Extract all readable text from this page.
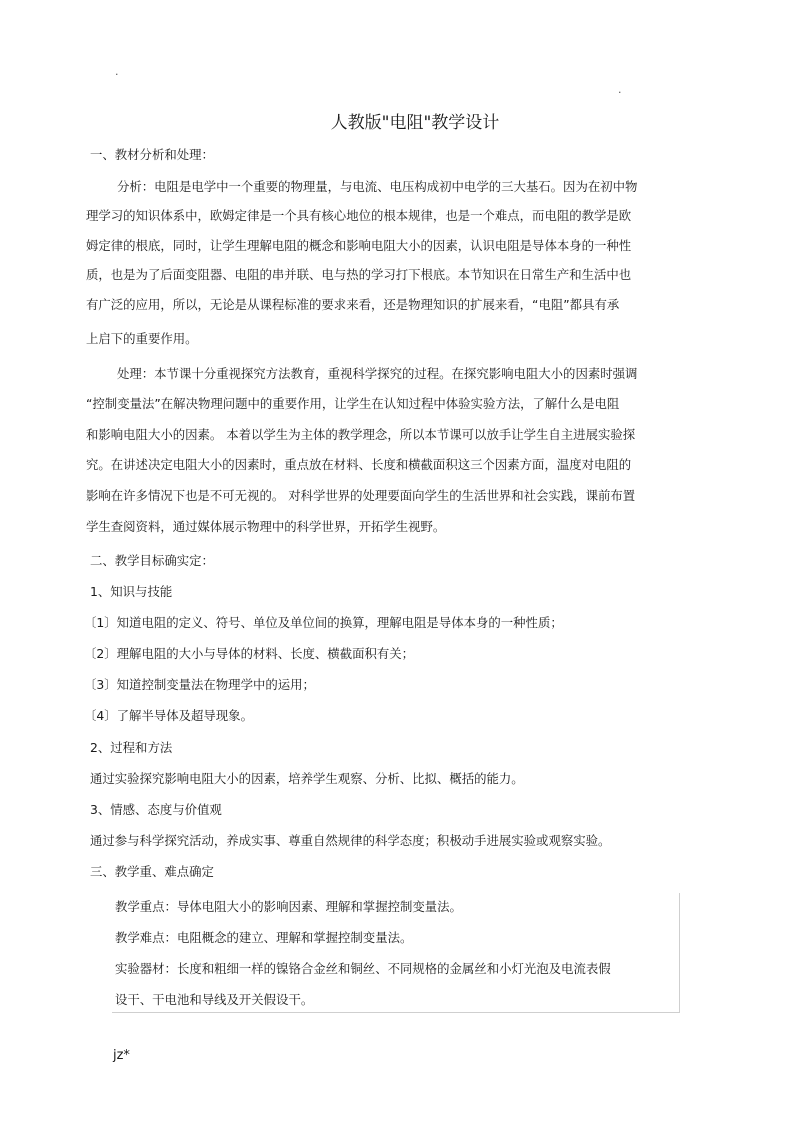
.
.
人教版"电阻"教学设计
一、教材分析和处理：
分析：电阻是电学中一个重要的物理量，与电流、电压构成初中电学的三大基石。因为在初中物
理学习的知识体系中，欧姆定律是一个具有核心地位的根本规律，也是一个难点，而电阻的教学是欧
姆定律的根底，同时，让学生理解电阻的概念和影响电阻大小的因素，认识电阻是导体本身的一种性
质，也是为了后面变阻器、电阻的串并联、电与热的学习打下根底。本节知识在日常生产和生活中也
有广泛的应用，所以，无论是从课程标准的要求来看，还是物理知识的扩展来看，“电阻”都具有承
上启下的重要作用。
处理：本节课十分重视探究方法教育，重视科学探究的过程。在探究影响电阻大小的因素时强调
“控制变量法”在解决物理问题中的重要作用，让学生在认知过程中体验实验方法，了解什么是电阻
和影响电阻大小的因素。 本着以学生为主体的教学理念，所以本节课可以放手让学生自主进展实验探
究。在讲述决定电阻大小的因素时，重点放在材料、长度和横截面积这三个因素方面，温度对电阻的
影响在许多情况下也是不可无视的。 对科学世界的处理要面向学生的生活世界和社会实践，课前布置
学生查阅资料，通过媒体展示物理中的科学世界，开拓学生视野。
二、教学目标确实定：
1、知识与技能
〔1〕知道电阻的定义、符号、单位及单位间的换算，理解电阻是导体本身的一种性质；
〔2〕理解电阻的大小与导体的材料、长度、横截面积有关；
〔3〕知道控制变量法在物理学中的运用；
〔4〕了解半导体及超导现象。
2、过程和方法
通过实验探究影响电阻大小的因素，培养学生观察、分析、比拟、概括的能力。
3、情感、态度与价值观
通过参与科学探究活动，养成实事、尊重自然规律的科学态度；积极动手进展实验或观察实验。
三、教学重、难点确定
教学重点：导体电阻大小的影响因素、理解和掌握控制变量法。
教学难点：电阻概念的建立、理解和掌握控制变量法。
实验器材：长度和粗细一样的镍铬合金丝和铜丝、不同规格的金属丝和小灯光泡及电流表假
设干、干电池和导线及开关假设干。
jz*
